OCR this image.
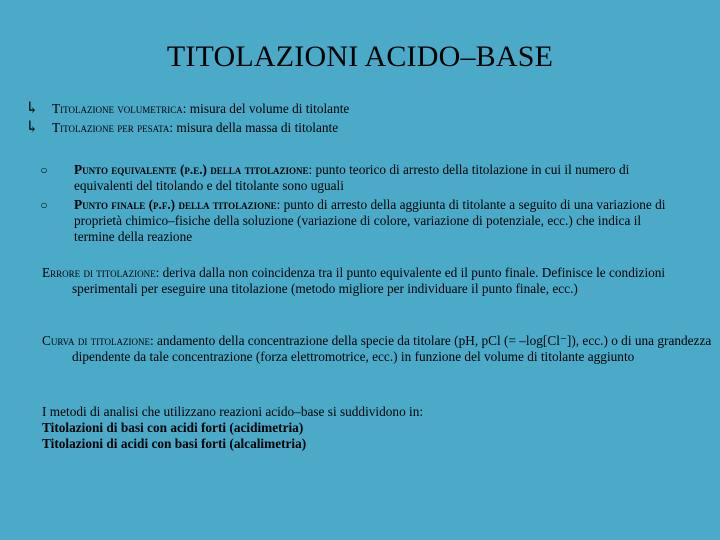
TITOLAZIONI ACIDO–BASE
↳ Titolazione volumetrica: misura del volume di titolante
↳ Titolazione per pesata: misura della massa di titolante
○ Punto equivalente (p.e.) della titolazione: punto teorico di arresto della titolazione in cui il numero di equivalenti del titolando e del titolante sono uguali
○ Punto finale (p.f.) della titolazione: punto di arresto della aggiunta di titolante a seguito di una variazione di proprietà chimico–fisiche della soluzione (variazione di colore, variazione di potenziale, ecc.) che indica il termine della reazione
Errore di titolazione: deriva dalla non coincidenza tra il punto equivalente ed il punto finale. Definisce le condizioni sperimentali per eseguire una titolazione (metodo migliore per individuare il punto finale, ecc.)
Curva di titolazione: andamento della concentrazione della specie da titolare (pH, pCl (= –log[Cl⁻]), ecc.) o di una grandezza dipendente da tale concentrazione (forza elettromotrice, ecc.) in funzione del volume di titolante aggiunto
I metodi di analisi che utilizzano reazioni acido–base si suddividono in:
Titolazioni di basi con acidi forti (acidimetria)
Titolazioni di acidi con basi forti (alcalimetria)
